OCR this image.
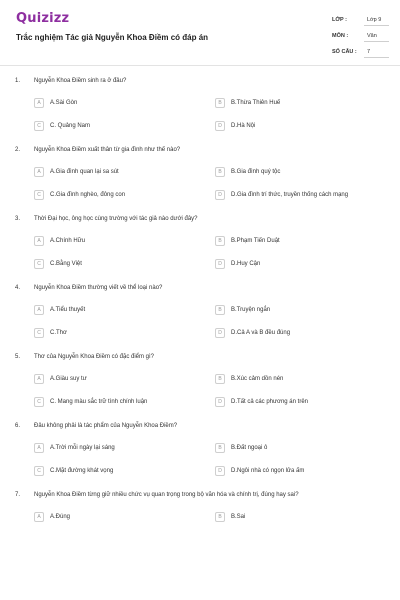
Quizizz
Trắc nghiệm Tác giả Nguyễn Khoa Điềm có đáp án
LỚP :	Lớp 9
MÔN :	Văn
SỐ CÂU :	7
1. Nguyễn Khoa Điềm sinh ra ở đâu?
A	A.Sài Gòn	B	B.Thừa Thiên Huế
C	C. Quảng Nam	D	D.Hà Nội
2. Nguyễn Khoa Điềm xuất thân từ gia đình như thế nào?
A	A.Gia đình quan lại sa sút	B	B.Gia đình quý tộc
C	C.Gia đình nghèo, đông con	D	D.Gia đình trí thức, truyền thống cách mạng
3. Thời Đại học, ông học cùng trường với tác giả nào dưới đây?
A	A.Chính Hữu	B	B.Phạm Tiến Duật
C	C.Bằng Việt	D	D.Huy Cận
4. Nguyễn Khoa Điềm thường viết về thể loại nào?
A	A.Tiểu thuyết	B	B.Truyện ngắn
C	C.Thơ	D	D.Cả A và B đều đúng
5. Thơ của Nguyễn Khoa Điềm có đặc điểm gì?
A	A.Giàu suy tư	B	B.Xúc cảm dồn nén
C	C. Mang màu sắc trữ tình chính luận	D	D.Tất cả các phương án trên
6. Đâu không phải là tác phẩm của Nguyễn Khoa Điềm?
A	A.Trời mỗi ngày lại sáng	B	B.Đất ngoại ô
C	C.Mặt đường khát vọng	D	D.Ngôi nhà có ngọn lửa ấm
7. Nguyễn Khoa Điềm từng giữ nhiều chức vụ quan trọng trong bộ văn hóa và chính trị, đúng hay sai?
A	A.Đúng	B	B.Sai
